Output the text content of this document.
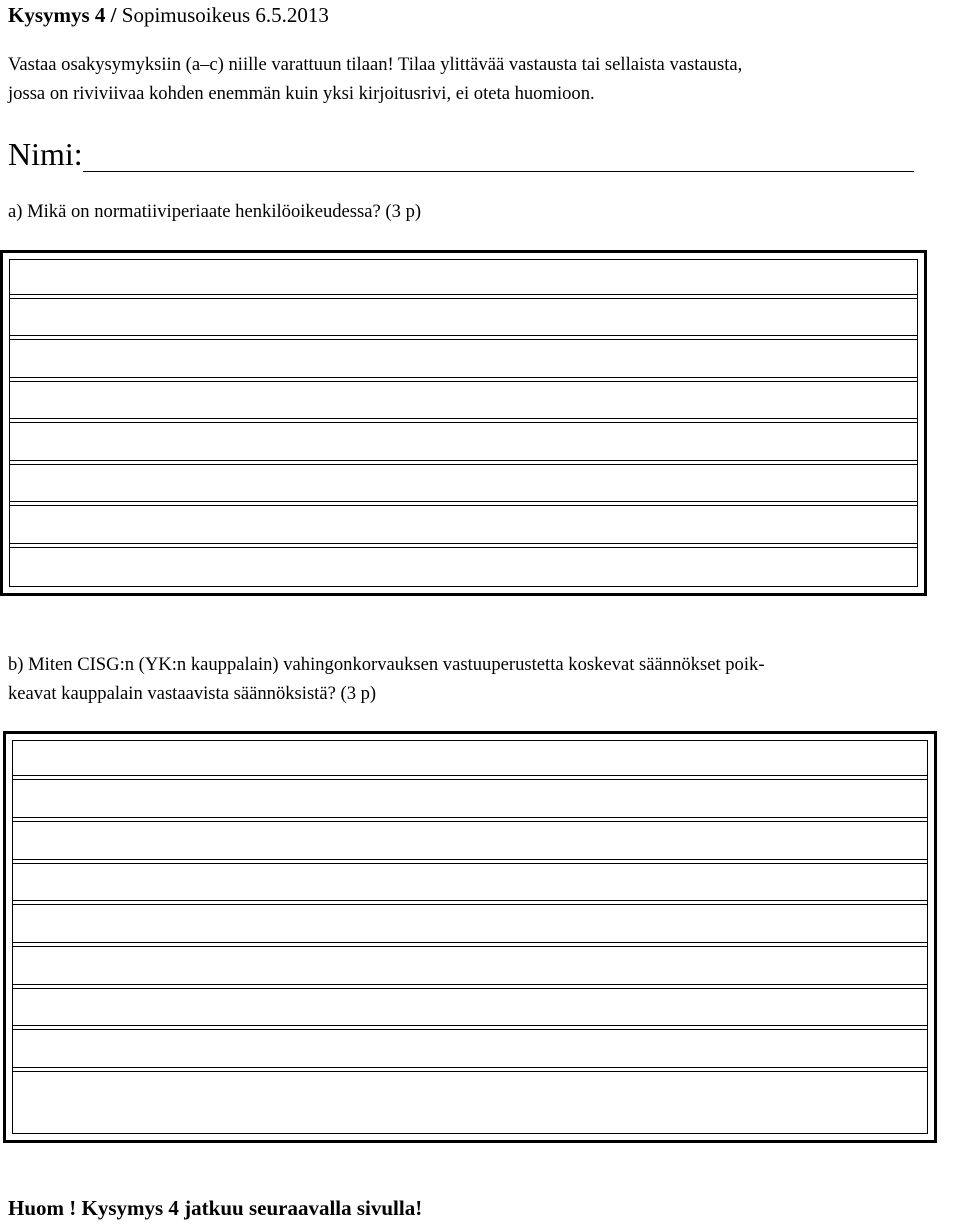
Kysymys 4 / Sopimusoikeus 6.5.2013
Vastaa osakysymyksiin (a–c) niille varattuun tilaan! Tilaa ylittävää vastausta tai sellaista vastausta,
jossa on riviviivaa kohden enemmän kuin yksi kirjoitusrivi, ei oteta huomioon.
Nimi:
a) Mikä on normatiiviperiaate henkilöoikeudessa? (3 p)
b) Miten CISG:n (YK:n kauppalain) vahingonkorvauksen vastuuperustetta koskevat säännökset poik-
keavat kauppalain vastaavista säännöksistä? (3 p)
Huom ! Kysymys 4 jatkuu seuraavalla sivulla!
